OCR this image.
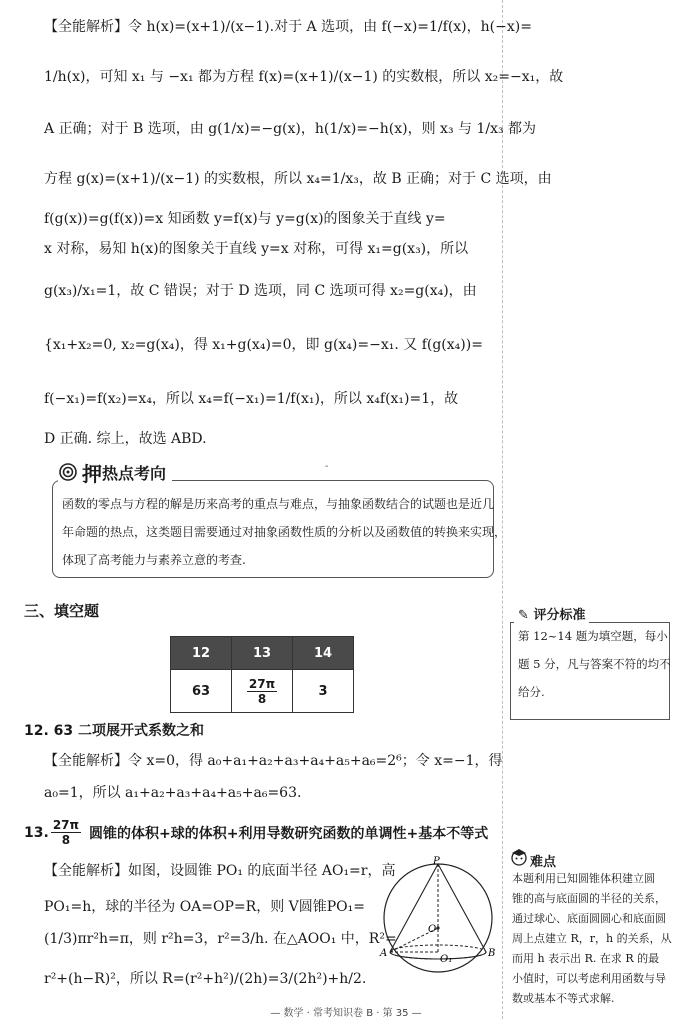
【全能解析】令 h(x)=(x+1)/(x−1).对于 A 选项，由 f(−x)=1/f(x)，h(−x)=
1/h(x)，可知 x₁ 与 −x₁ 都为方程 f(x)=(x+1)/(x−1) 的实数根，所以 x₂=−x₁，故
A 正确；对于 B 选项，由 g(1/x)=−g(x)，h(1/x)=−h(x)，则 x₃ 与 1/x₃ 都为
方程 g(x)=(x+1)/(x−1) 的实数根，所以 x₄=1/x₃，故 B 正确；对于 C 选项，由
f(g(x))=g(f(x))=x 知函数 y=f(x)与 y=g(x)的图象关于直线 y=
x 对称，易知 h(x)的图象关于直线 y=x 对称，可得 x₁=g(x₃)，所以
g(x₃)/x₁=1，故 C 错误；对于 D 选项，同 C 选项可得 x₂=g(x₄)，由
{x₁+x₂=0, x₂=g(x₄)，得 x₁+g(x₄)=0，即 g(x₄)=−x₁. 又 f(g(x₄))=
f(−x₁)=f(x₂)=x₄，所以 x₄=f(−x₁)=1/f(x₁)，所以 x₄f(x₁)=1，故
D 正确. 综上，故选 ABD.
-
押 热点考向
函数的零点与方程的解是历来高考的重点与难点，与抽象函数结合的试题也是近几
年命题的热点，这类题目需要通过对抽象函数性质的分析以及函数值的转换来实现，
体现了高考能力与素养立意的考查.
三、填空题
12	13	14
63	$\frac{27\pi}{8}$	3
12. 63 二项展开式系数之和
【全能解析】令 x=0，得 a₀+a₁+a₂+a₃+a₄+a₅+a₆=2⁶；令 x=−1，得
a₀=1，所以 a₁+a₂+a₃+a₄+a₅+a₆=63.
13. $\frac{27\pi}{8}$ 圆锥的体积+球的体积+利用导数研究函数的单调性+基本不等式
【全能解析】如图，设圆锥 PO₁ 的底面半径 AO₁=r，高
PO₁=h，球的半径为 OA=OP=R，则 V圆锥PO₁=
(1/3)πr²h=π，则 r²h=3，r²=3/h. 在△AOO₁ 中，R²=
r²+(h−R)²，所以 R=(r²+h²)/(2h)=3/(2h²)+h/2.
P
O
O₁
A	B
✎ 评分标准
第 12~14 题为填空题，每小
题 5 分，凡与答案不符的均不
给分.
难点
本题利用已知圆锥体积建立圆
锥的高与底面圆的半径的关系，
通过球心、底面圆圆心和底面圆
周上点建立 R，r，h 的关系，从
而用 h 表示出 R. 在求 R 的最
小值时，可以考虑利用函数与导
数或基本不等式求解.
— 数学 · 常考知识卷 B · 第 35 —
